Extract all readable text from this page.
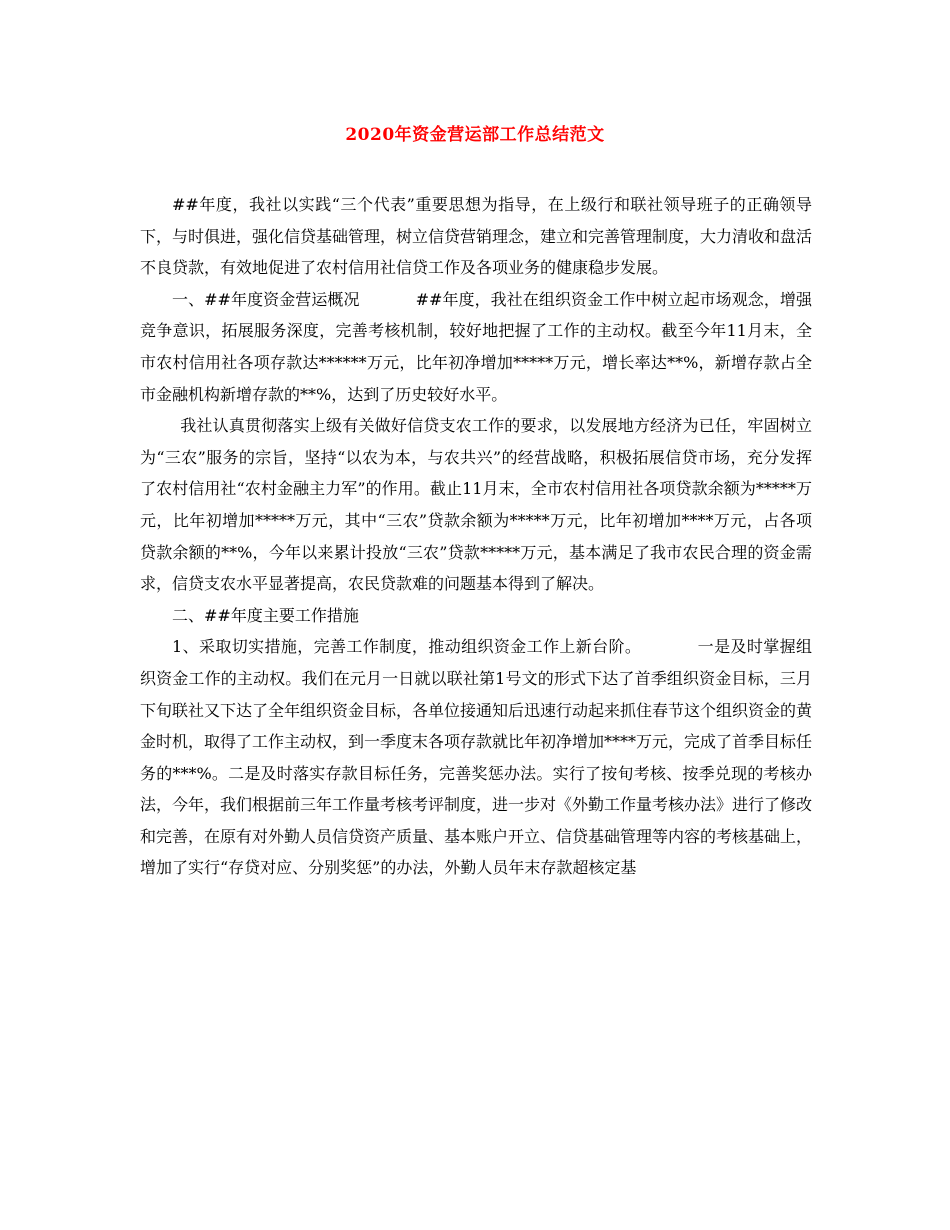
2020年资金营运部工作总结范文

##年度，我社以实践“三个代表”重要思想为指导，在上级行和联社领导班子的正确领导下，与时俱进，强化信贷基础管理，树立信贷营销理念，建立和完善管理制度，大力清收和盘活不良贷款，有效地促进了农村信用社信贷工作及各项业务的健康稳步发展。

一、##年度资金营运概况	##年度，我社在组织资金工作中树立起市场观念，增强竞争意识，拓展服务深度，完善考核机制，较好地把握了工作的主动权。截至今年11月末，全市农村信用社各项存款达******万元，比年初净增加*****万元，增长率达**%，新增存款占全市金融机构新增存款的**%，达到了历史较好水平。

我社认真贯彻落实上级有关做好信贷支农工作的要求，以发展地方经济为已任，牢固树立为“三农”服务的宗旨，坚持“以农为本，与农共兴”的经营战略，积极拓展信贷市场，充分发挥了农村信用社“农村金融主力军”的作用。截止11月末，全市农村信用社各项贷款余额为*****万元，比年初增加*****万元，其中“三农”贷款余额为*****万元，比年初增加****万元，占各项贷款余额的**%，今年以来累计投放“三农”贷款*****万元，基本满足了我市农民合理的资金需求，信贷支农水平显著提高，农民贷款难的问题基本得到了解决。

二、##年度主要工作措施

1、采取切实措施，完善工作制度，推动组织资金工作上新台阶。	一是及时掌握组织资金工作的主动权。我们在元月一日就以联社第1号文的形式下达了首季组织资金目标，三月下旬联社又下达了全年组织资金目标，各单位接通知后迅速行动起来抓住春节这个组织资金的黄金时机，取得了工作主动权，到一季度末各项存款就比年初净增加****万元，完成了首季目标任务的***%。二是及时落实存款目标任务，完善奖惩办法。实行了按旬考核、按季兑现的考核办法，今年，我们根据前三年工作量考核考评制度，进一步对《外勤工作量考核办法》进行了修改和完善，在原有对外勤人员信贷资产质量、基本账户开立、信贷基础管理等内容的考核基础上，增加了实行“存贷对应、分别奖惩”的办法，外勤人员年末存款超核定基
